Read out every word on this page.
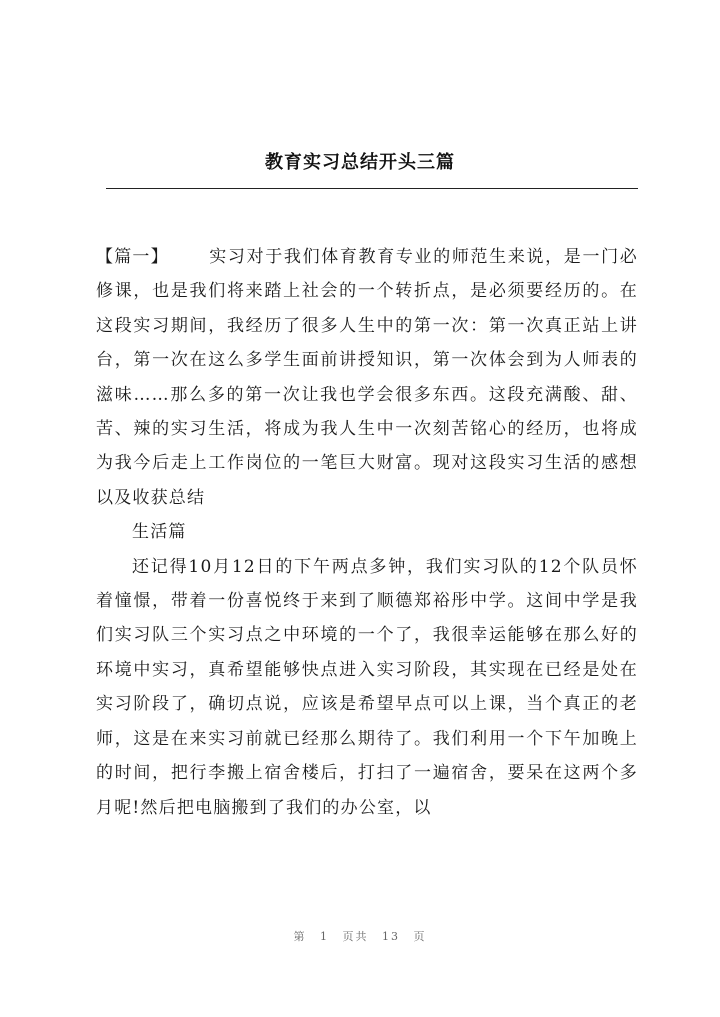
教育实习总结开头三篇

【篇一】 实习对于我们体育教育专业的师范生来说，是一门必修课，也是我们将来踏上社会的一个转折点，是必须要经历的。在这段实习期间，我经历了很多人生中的第一次：第一次真正站上讲台，第一次在这么多学生面前讲授知识，第一次体会到为人师表的滋味……那么多的第一次让我也学会很多东西。这段充满酸、甜、苦、辣的实习生活，将成为我人生中一次刻苦铭心的经历，也将成为我今后走上工作岗位的一笔巨大财富。现对这段实习生活的感想以及收获总结

生活篇

还记得10月12日的下午两点多钟，我们实习队的12个队员怀着憧憬，带着一份喜悦终于来到了顺德郑裕彤中学。这间中学是我们实习队三个实习点之中环境的一个了，我很幸运能够在那么好的环境中实习，真希望能够快点进入实习阶段，其实现在已经是处在实习阶段了，确切点说，应该是希望早点可以上课，当个真正的老师，这是在来实习前就已经那么期待了。我们利用一个下午加晚上的时间，把行李搬上宿舍楼后，打扫了一遍宿舍，要呆在这两个多月呢!然后把电脑搬到了我们的办公室，以

第 1 页共 13 页
